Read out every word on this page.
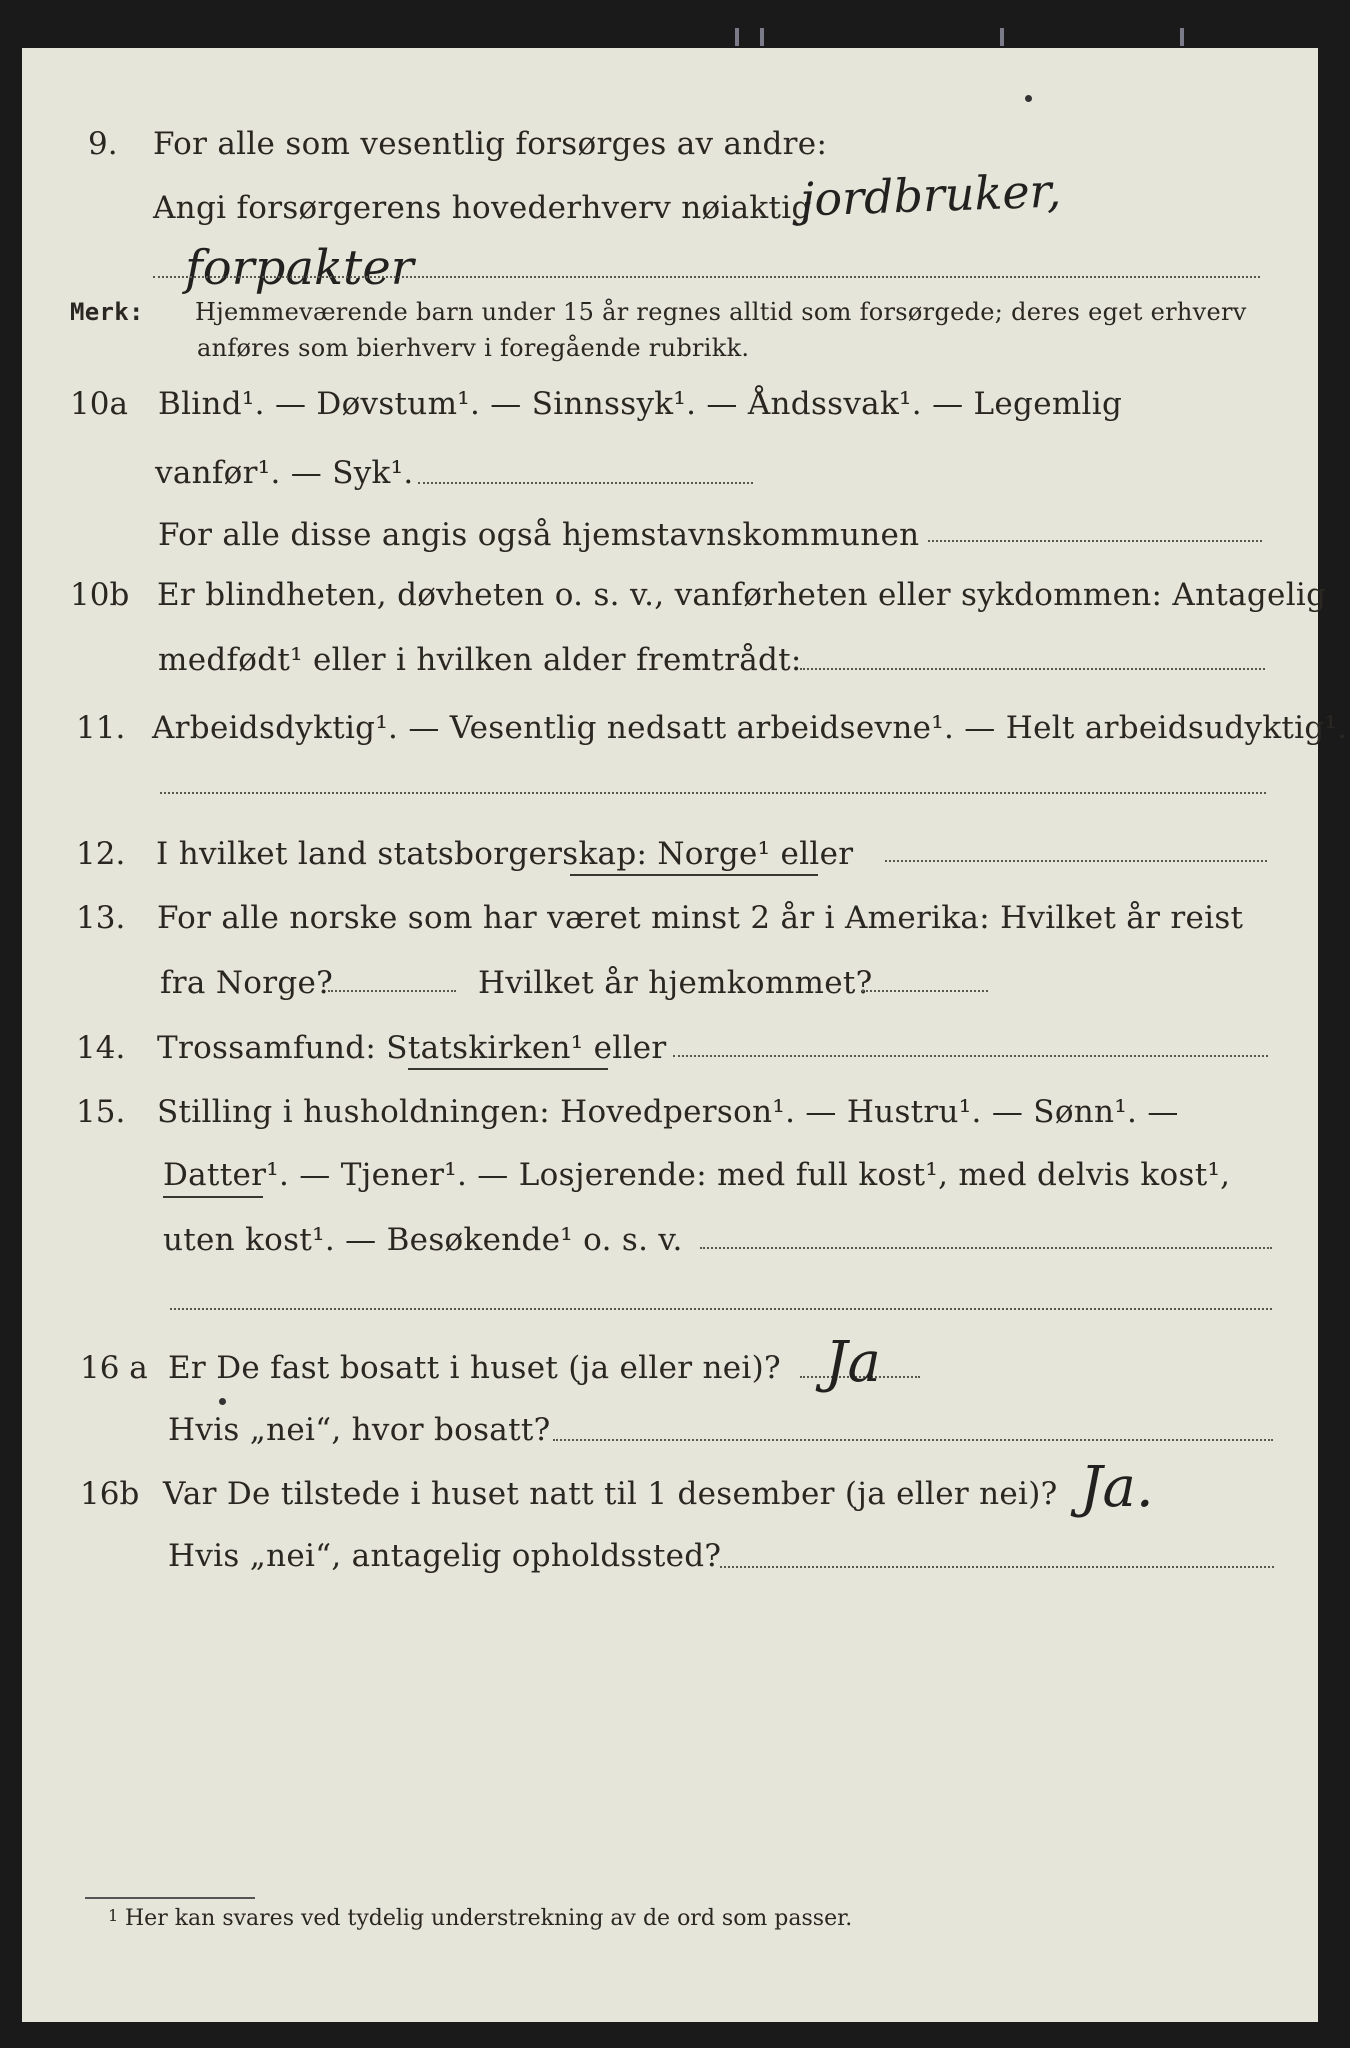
9. For alle som vesentlig forsørges av andre:
Angi forsørgerens hovederhverv nøiaktig
jordbruker,
forpakter
Merk: Hjemmeværende barn under 15 år regnes alltid som forsørgede; deres eget erhverv
anføres som bierhverv i foregående rubrikk.
10a Blind¹. — Døvstum¹. — Sinnssyk¹. — Åndssvak¹. — Legemlig
vanfør¹. — Syk¹.
For alle disse angis også hjemstavnskommunen
10b Er blindheten, døvheten o. s. v., vanførheten eller sykdommen: Antagelig
medfødt¹ eller i hvilken alder fremtrådt:
11. Arbeidsdyktig¹. — Vesentlig nedsatt arbeidsevne¹. — Helt arbeidsudyktig¹.
12. I hvilket land statsborgerskap: Norge¹ eller
13. For alle norske som har været minst 2 år i Amerika: Hvilket år reist
fra Norge?	Hvilket år hjemkommet?
14. Trossamfund: Statskirken¹ eller
15. Stilling i husholdningen: Hovedperson¹. — Hustru¹. — Sønn¹. —
Datter¹. — Tjener¹. — Losjerende: med full kost¹, med delvis kost¹,
uten kost¹. — Besøkende¹ o. s. v.
16 a Er De fast bosatt i huset (ja eller nei)? Ja
Hvis „nei“, hvor bosatt?
16b Var De tilstede i huset natt til 1 desember (ja eller nei)? Ja.
Hvis „nei“, antagelig opholdssted?
1 Her kan svares ved tydelig understrekning av de ord som passer.
